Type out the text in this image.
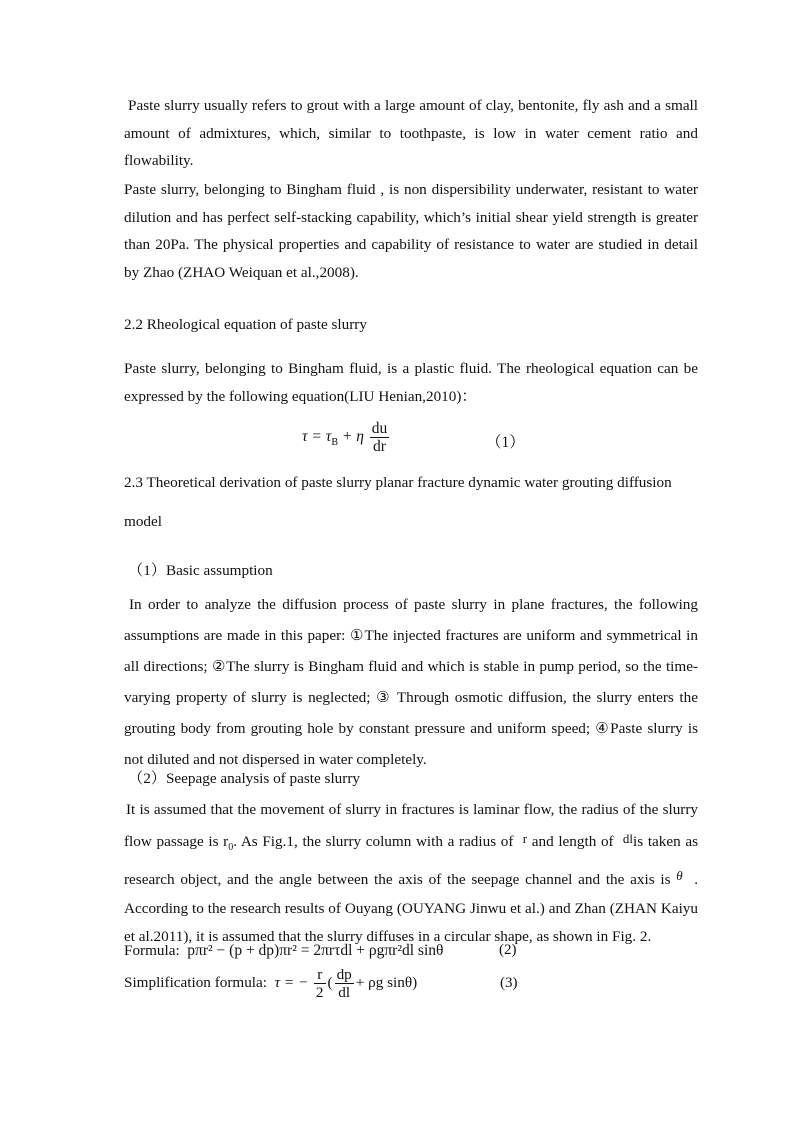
Paste slurry usually refers to grout with a large amount of clay, bentonite, fly ash and a small amount of admixtures, which, similar to toothpaste, is low in water cement ratio and flowability.

Paste slurry, belonging to Bingham fluid , is non dispersibility underwater, resistant to water dilution and has perfect self-stacking capability, which’s initial shear yield strength is greater than 20Pa. The physical properties and capability of resistance to water are studied in detail by Zhao (ZHAO Weiquan et al.,2008).

2.2 Rheological equation of paste slurry

Paste slurry, belonging to Bingham fluid, is a plastic fluid. The rheological equation can be expressed by the following equation(LIU Henian,2010)：

$\tau = \tau_B + \eta \frac{du}{dr}$	（1）

2.3 Theoretical derivation of paste slurry planar fracture dynamic water grouting diffusion

model

（1）Basic assumption

In order to analyze the diffusion process of paste slurry in plane fractures, the following assumptions are made in this paper: ①The injected fractures are uniform and symmetrical in all directions; ②The slurry is Bingham fluid and which is stable in pump period, so the time-varying property of slurry is neglected; ③ Through osmotic diffusion, the slurry enters the grouting body from grouting hole by constant pressure and uniform speed; ④Paste slurry is not diluted and not dispersed in water completely.

（2）Seepage analysis of paste slurry

It is assumed that the movement of slurry in fractures is laminar flow, the radius of the slurry flow passage is $r_0$. As Fig.1, the slurry column with a radius of r and length of dlis taken as research object, and the angle between the axis of the seepage channel and the axis is θ . According to the research results of Ouyang (OUYANG Jinwu et al.) and Zhan (ZHAN Kaiyu et al.2011), it is assumed that the slurry diffuses in a circular shape, as shown in Fig. 2.

Formula: pπr² − (p + dp)πr² = 2πrτdl + ρgπr²dl sinθ	(2)
Simplification formula: τ = − $\frac{r}{2}$ ( $\frac{dp}{dl} + \rho g$ sinθ)	(3)
